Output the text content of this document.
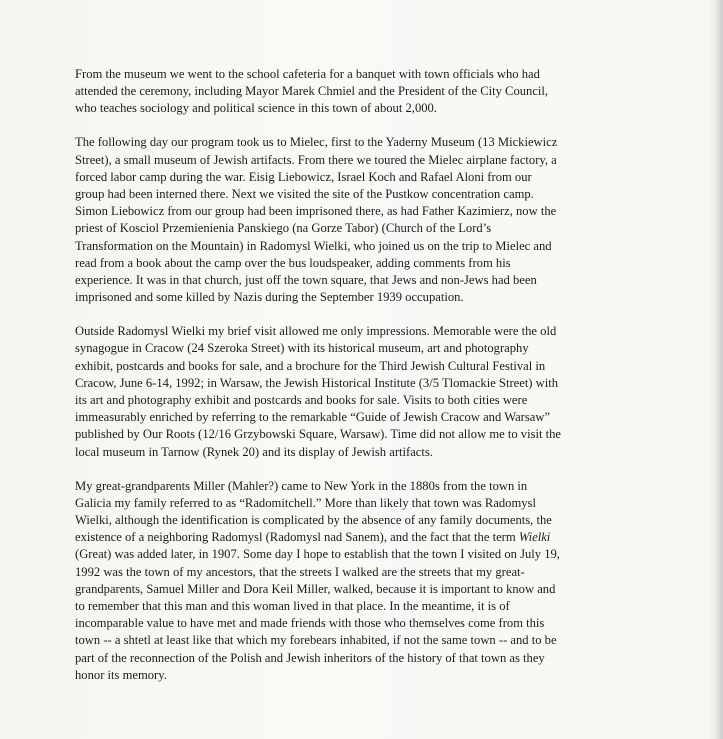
From the museum we went to the school cafeteria for a banquet with town officials who had
attended the ceremony, including Mayor Marek Chmiel and the President of the City Council,
who teaches sociology and political science in this town of about 2,000.

The following day our program took us to Mielec, first to the Yaderny Museum (13 Mickiewicz
Street), a small museum of Jewish artifacts. From there we toured the Mielec airplane factory, a
forced labor camp during the war. Eisig Liebowicz, Israel Koch and Rafael Aloni from our
group had been interned there. Next we visited the site of the Pustkow concentration camp.
Simon Liebowicz from our group had been imprisoned there, as had Father Kazimierz, now the
priest of Kosciol Przemienienia Panskiego (na Gorze Tabor) (Church of the Lord’s
Transformation on the Mountain) in Radomysl Wielki, who joined us on the trip to Mielec and
read from a book about the camp over the bus loudspeaker, adding comments from his
experience. It was in that church, just off the town square, that Jews and non-Jews had been
imprisoned and some killed by Nazis during the September 1939 occupation.

Outside Radomysl Wielki my brief visit allowed me only impressions. Memorable were the old
synagogue in Cracow (24 Szeroka Street) with its historical museum, art and photography
exhibit, postcards and books for sale, and a brochure for the Third Jewish Cultural Festival in
Cracow, June 6-14, 1992; in Warsaw, the Jewish Historical Institute (3/5 Tlomackie Street) with
its art and photography exhibit and postcards and books for sale. Visits to both cities were
immeasurably enriched by referring to the remarkable “Guide of Jewish Cracow and Warsaw”
published by Our Roots (12/16 Grzybowski Square, Warsaw). Time did not allow me to visit the
local museum in Tarnow (Rynek 20) and its display of Jewish artifacts.

My great-grandparents Miller (Mahler?) came to New York in the 1880s from the town in
Galicia my family referred to as “Radomitchell.” More than likely that town was Radomysl
Wielki, although the identification is complicated by the absence of any family documents, the
existence of a neighboring Radomysl (Radomysl nad Sanem), and the fact that the term Wielki
(Great) was added later, in 1907. Some day I hope to establish that the town I visited on July 19,
1992 was the town of my ancestors, that the streets I walked are the streets that my great-
grandparents, Samuel Miller and Dora Keil Miller, walked, because it is important to know and
to remember that this man and this woman lived in that place. In the meantime, it is of
incomparable value to have met and made friends with those who themselves come from this
town -- a shtetl at least like that which my forebears inhabited, if not the same town -- and to be
part of the reconnection of the Polish and Jewish inheritors of the history of that town as they
honor its memory.
